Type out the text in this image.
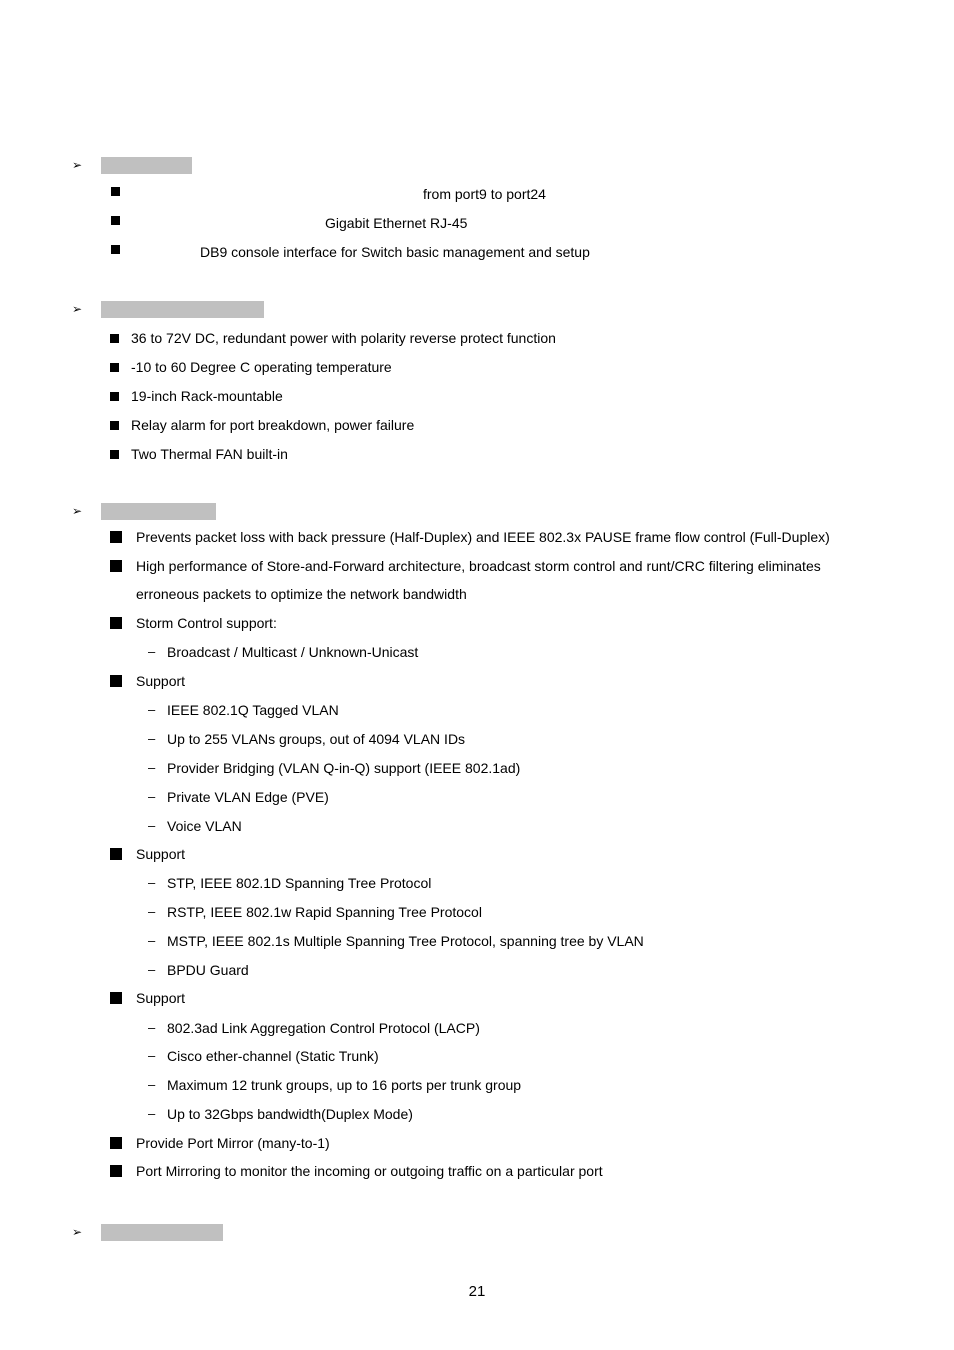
➢
from port9 to port24
Gigabit Ethernet RJ-45
DB9 console interface for Switch basic management and setup
➢
36 to 72V DC, redundant power with polarity reverse protect function
-10 to 60 Degree C operating temperature
19-inch Rack-mountable
Relay alarm for port breakdown, power failure
Two Thermal FAN built-in
➢
Prevents packet loss with back pressure (Half-Duplex) and IEEE 802.3x PAUSE frame flow control (Full-Duplex)
High performance of Store-and-Forward architecture, broadcast storm control and runt/CRC filtering eliminates
erroneous packets to optimize the network bandwidth
Storm Control support:
– Broadcast / Multicast / Unknown-Unicast
Support
– IEEE 802.1Q Tagged VLAN
– Up to 255 VLANs groups, out of 4094 VLAN IDs
– Provider Bridging (VLAN Q-in-Q) support (IEEE 802.1ad)
– Private VLAN Edge (PVE)
– Voice VLAN
Support
– STP, IEEE 802.1D Spanning Tree Protocol
– RSTP, IEEE 802.1w Rapid Spanning Tree Protocol
– MSTP, IEEE 802.1s Multiple Spanning Tree Protocol, spanning tree by VLAN
– BPDU Guard
Support
– 802.3ad Link Aggregation Control Protocol (LACP)
– Cisco ether-channel (Static Trunk)
– Maximum 12 trunk groups, up to 16 ports per trunk group
– Up to 32Gbps bandwidth(Duplex Mode)
Provide Port Mirror (many-to-1)
Port Mirroring to monitor the incoming or outgoing traffic on a particular port
➢
21
